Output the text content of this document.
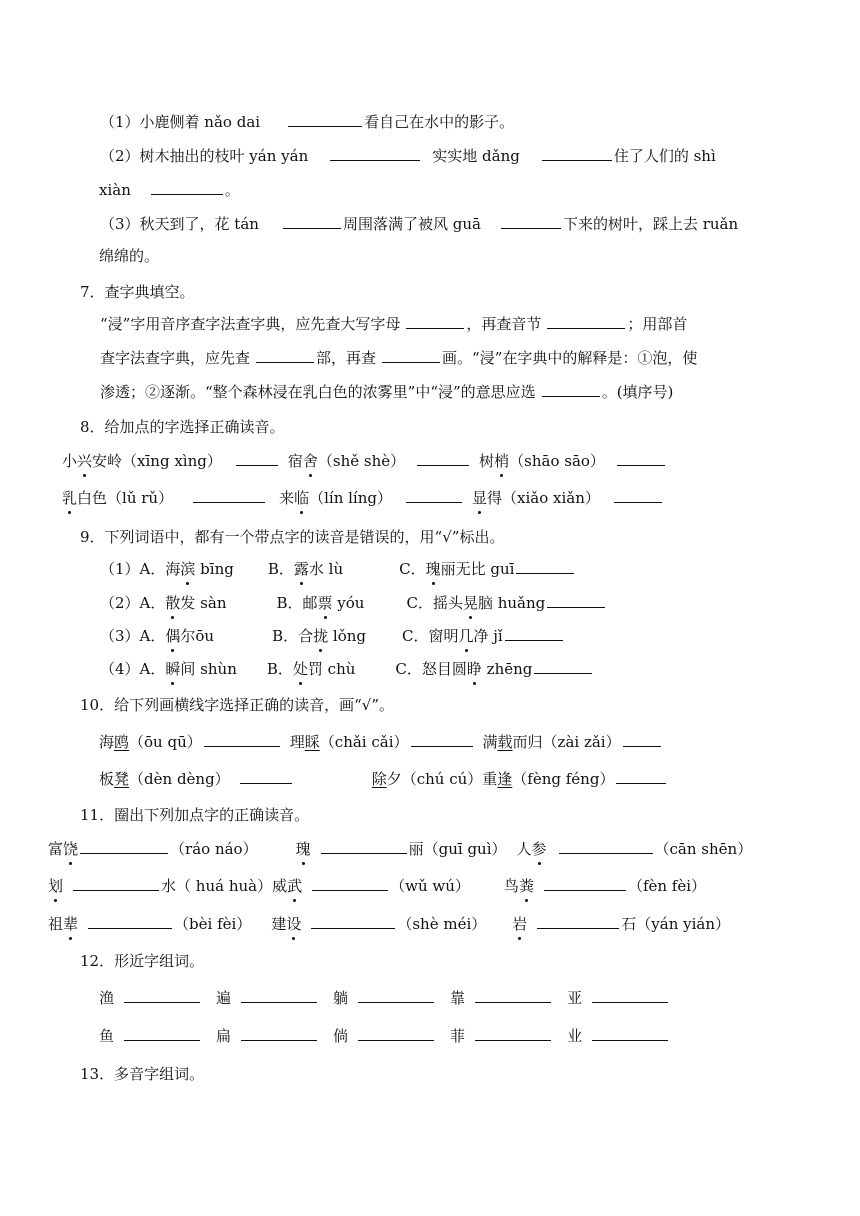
（1）小鹿侧着 nǎo dai	看自己在水中的影子。
（2）树木抽出的枝叶 yán yán	实实地 dǎng	住了人们的 shì
xiàn	。
（3）秋天到了，花 tán	周围落满了被风 guā	下来的树叶，踩上去 ruǎn
绵绵的。
7．查字典填空。
“浸”字用音序查字法查字典，应先查大写字母	，再查音节	；用部首
查字法查字典，应先查	部，再查	画。“浸”在字典中的解释是：①泡，使
渗透；②逐渐。“整个森林浸在乳白色的浓雾里”中“浸”的意思应选	。(填序号)
8．给加点的字选择正确读音。
小兴安岭（xīng xìng）	宿舍（shě shè）	树梢（shāo sāo）
乳白色（lǔ rǔ）	来临（lín líng）	显得（xiǎo xiǎn）
9．下列词语中，都有一个带点字的读音是错误的，用“√”标出。
（1）A．海滨 bīng B．露水 lù	C．瑰丽无比 guī
（2）A．散发 sàn	B．邮票 yóu	C．摇头晃脑 huǎng
（3）A．偶尔ōu	B．合拢 lǒng C．窗明几净 jǐ
（4）A．瞬间 shùn B．处罚 chù	C．怒目圆睁 zhēng
10．给下列画横线字选择正确的读音，画“√”。
海鸥（ōu qū）	理睬（chǎi cǎi）	满载而归（zài zǎi）
板凳（dèn dèng）	除夕（chú cú）重逢（fèng féng）
11．圈出下列加点字的正确读音。
富饶	（ráo náo）	瑰	丽（guī guì） 人参	（cān shēn）
划	水（ huá huà）威武	（wǔ wú） 鸟粪	（fèn fèi）
祖辈	（bèi fèi） 建设	（shè méi） 岩	石（yán yián）
12．形近字组词。
渔	遍	躺	靠	亚
鱼	扁	倘	菲	业
13．多音字组词。
